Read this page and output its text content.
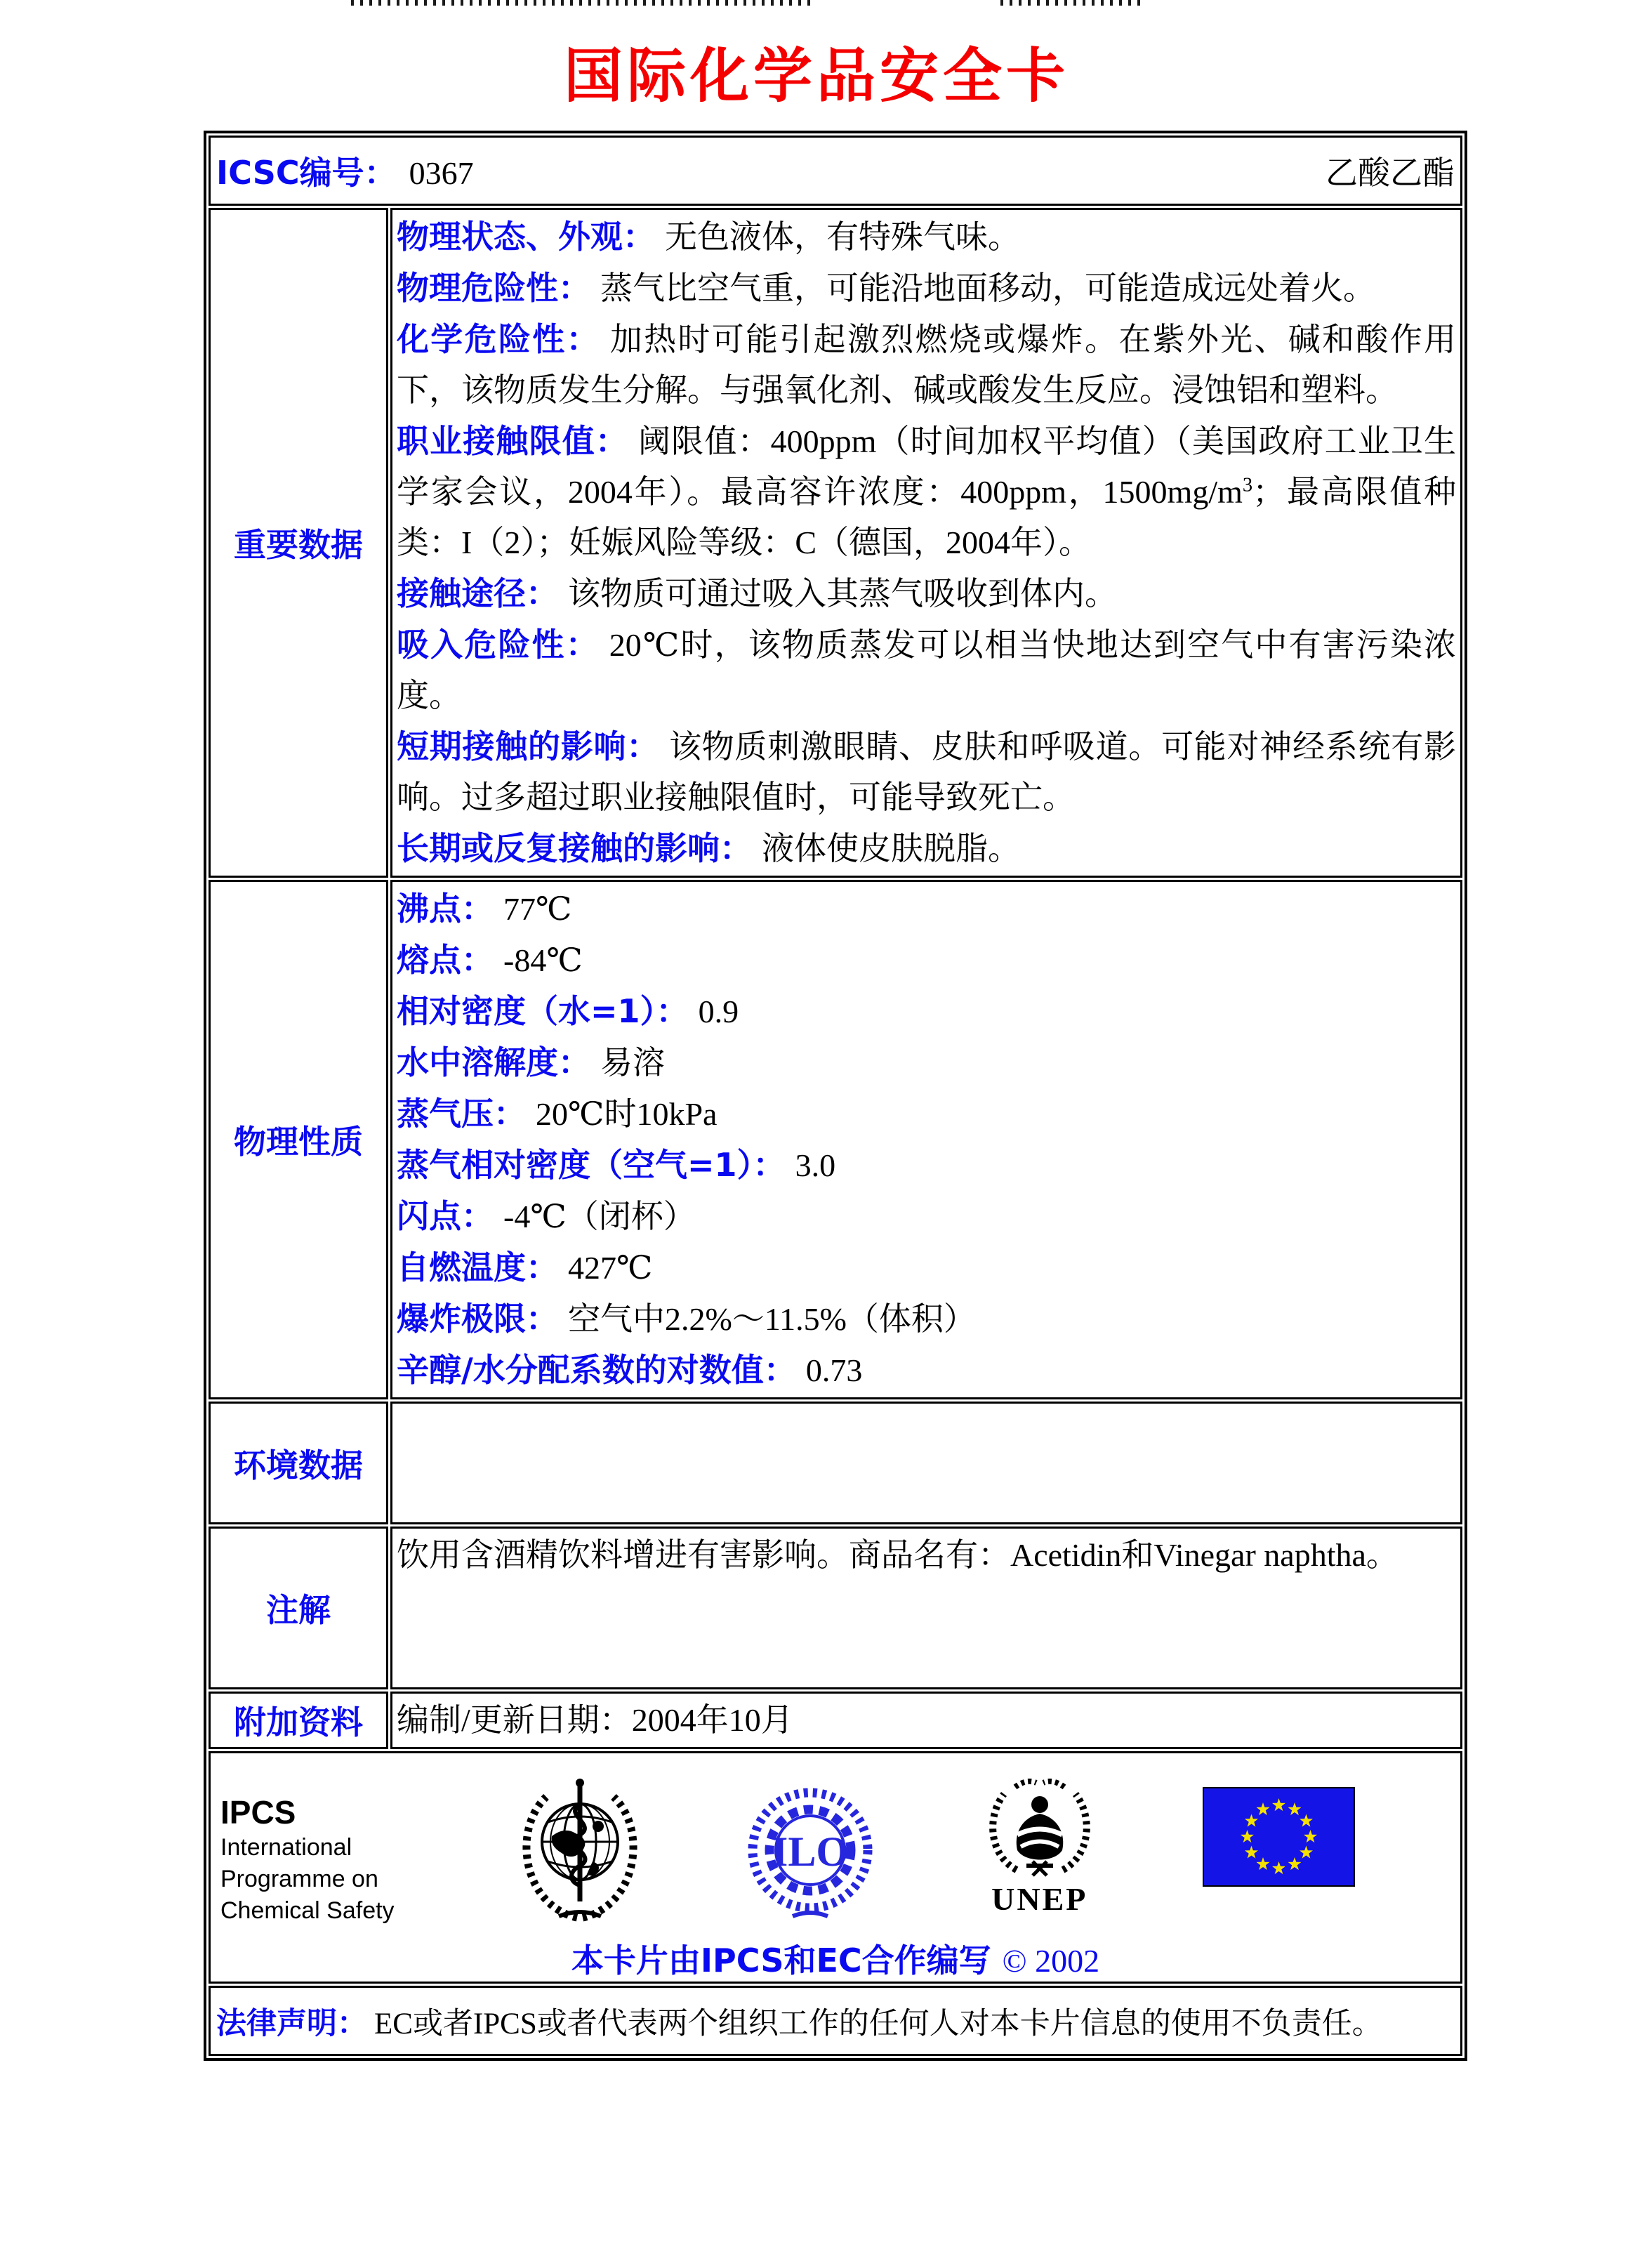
国际化学品安全卡
ICSC编号： 0367 乙酸乙酯	

重要数据	
物理状态、外观： 无色液体，有特殊气味。
物理危险性： 蒸气比空气重，可能沿地面移动，可能造成远处着火。
化学危险性： 加热时可能引起激烈燃烧或爆炸。在紫外光、碱和酸作用下，该物质发生分解。与强氧化剂、碱或酸发生反应。浸蚀铝和塑料。
职业接触限值： 阈限值：400ppm（时间加权平均值）（美国政府工业卫生学家会议，2004年）。最高容许浓度：400ppm，$1500mg/m^3$；最高限值种类：I（2）；妊娠风险等级：C（德国，2004年）。
接触途径： 该物质可通过吸入其蒸气吸收到体内。
吸入危险性： 20℃时，该物质蒸发可以相当快地达到空气中有害污染浓度。
短期接触的影响： 该物质刺激眼睛、皮肤和呼吸道。可能对神经系统有影响。过多超过职业接触限值时，可能导致死亡。
长期或反复接触的影响： 液体使皮肤脱脂。

物理性质	
沸点： 77℃
熔点： -84℃
相对密度（水=1）： 0.9
水中溶解度： 易溶
蒸气压： 20℃时10kPa
蒸气相对密度（空气=1）： 3.0
闪点： -4℃（闭杯）
自燃温度： 427℃
爆炸极限： 空气中2.2%～11.5%（体积）
辛醇/水分配系数的对数值： 0.73

环境数据	
注解	饮用含酒精饮料增进有害影响。商品名有：Acetidin和Vinegar naphtha。
附加资料	编制/更新日期：2004年10月

IPCS
International
Programme on
Chemical Safety
ILO
UNEP
本卡片由IPCS和EC合作编写 © 2002

法律声明： EC或者IPCS或者代表两个组织工作的任何人对本卡片信息的使用不负责任。	
